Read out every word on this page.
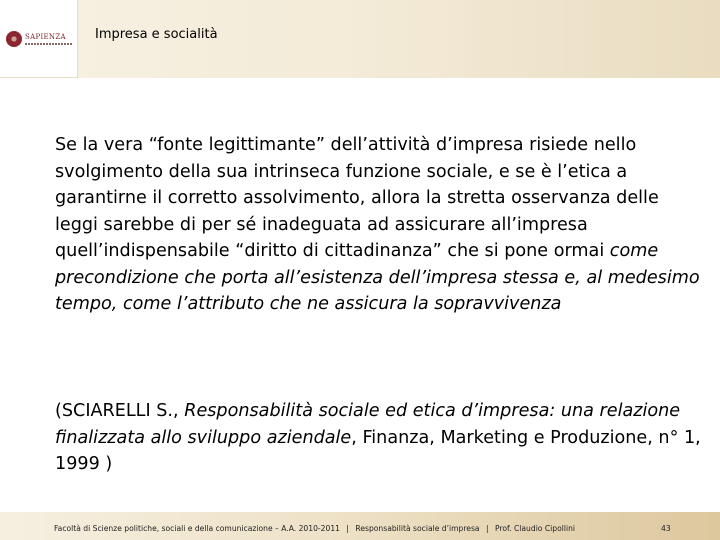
SAPIENZA	Impresa e socialità
Se la vera “fonte legittimante” dell’attività d’impresa risiede nello svolgimento della sua intrinseca funzione sociale, e se è l’etica a garantirne il corretto assolvimento, allora la stretta osservanza delle leggi sarebbe di per sé inadeguata ad assicurare all’impresa quell’indispensabile “diritto di cittadinanza” che si pone ormai come precondizione che porta all’esistenza dell’impresa stessa e, al medesimo tempo, come l’attributo che ne assicura la sopravvivenza
(SCIARELLI S., Responsabilità sociale ed etica d’impresa: una relazione finalizzata allo sviluppo aziendale, Finanza, Marketing e Produzione, n° 1, 1999 )
Facoltà di Scienze politiche, sociali e della comunicazione – A.A. 2010-2011 | Responsabilità sociale d’impresa | Prof. Claudio Cipollini	43
